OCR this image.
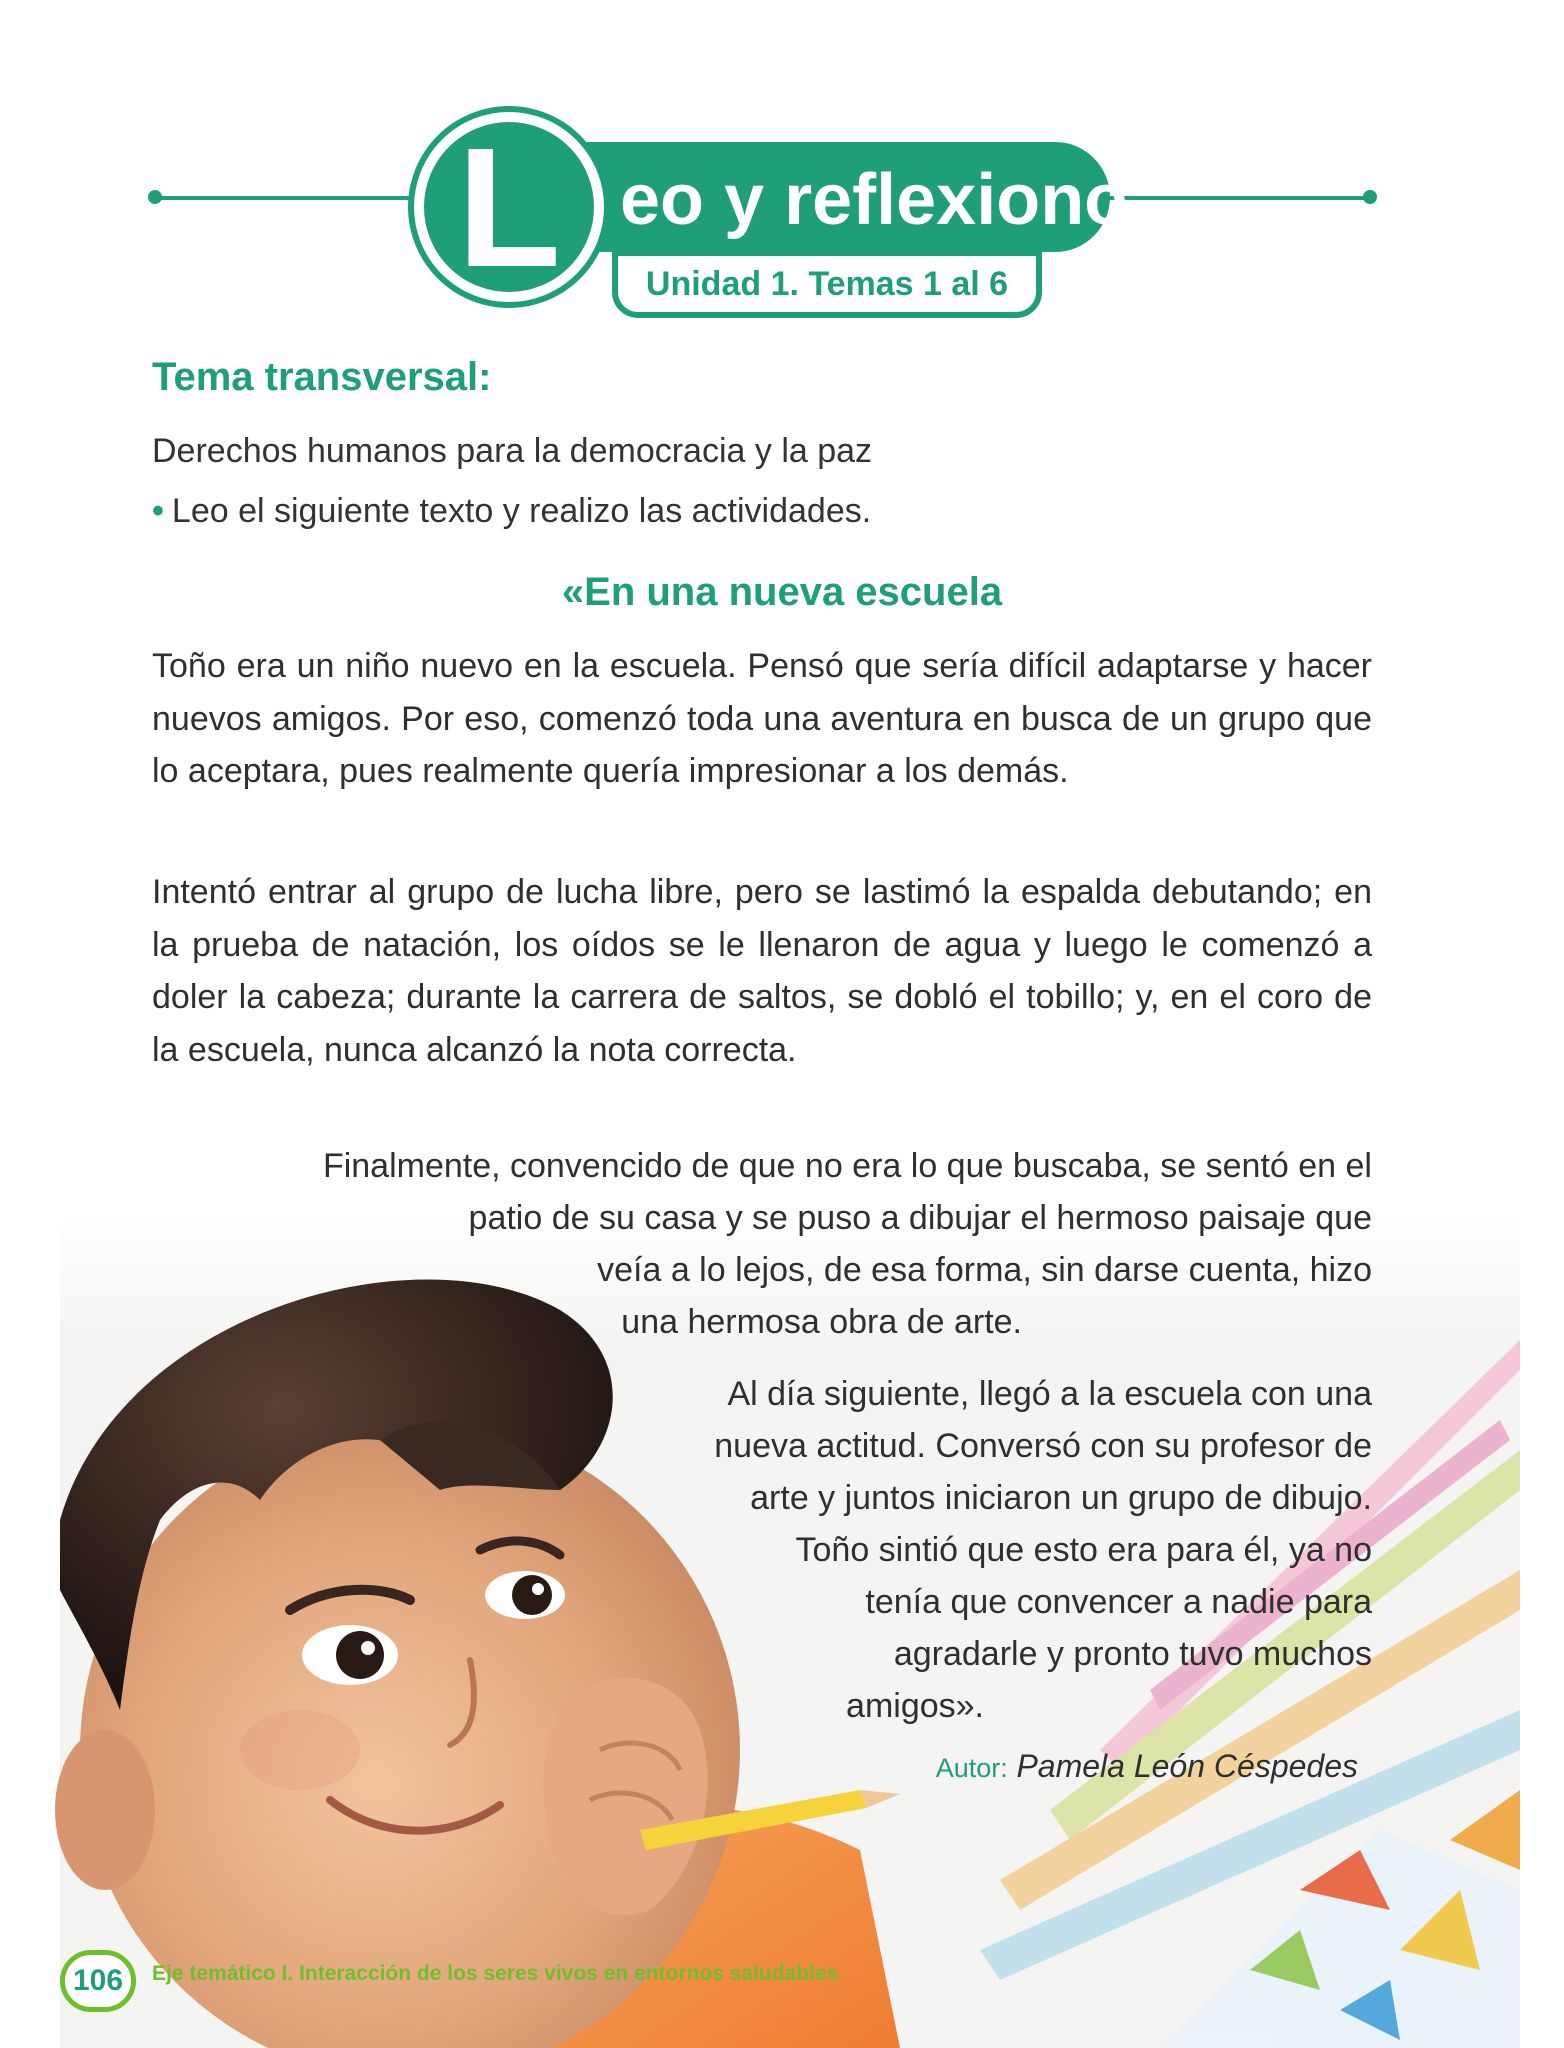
eo y reflexiono
L	Unidad 1. Temas 1 al 6
Tema transversal:
Derechos humanos para la democracia y la paz
• Leo el siguiente texto y realizo las actividades.
«En una nueva escuela
Toño era un niño nuevo en la escuela. Pensó que sería difícil adaptarse y hacer nuevos amigos. Por eso, comenzó toda una aventura en busca de un grupo que lo aceptara, pues realmente quería impresionar a los demás.
Intentó entrar al grupo de lucha libre, pero se lastimó la espalda debutando; en la prueba de natación, los oídos se le llenaron de agua y luego le comenzó a doler la cabeza; durante la carrera de saltos, se dobló el tobillo; y, en el coro de la escuela, nunca alcanzó la nota correcta.
Finalmente, convencido de que no era lo que buscaba, se sentó en el
patio de su casa y se puso a dibujar el hermoso paisaje que
veía a lo lejos, de esa forma, sin darse cuenta, hizo
una hermosa obra de arte.
Al día siguiente, llegó a la escuela con una
nueva actitud. Conversó con su profesor de
arte y juntos iniciaron un grupo de dibujo.
Toño sintió que esto era para él, ya no
tenía que convencer a nadie para
agradarle y pronto tuvo muchos
amigos».
Autor: Pamela León Céspedes
106	Eje temático I. Interacción de los seres vivos en entornos saludables
